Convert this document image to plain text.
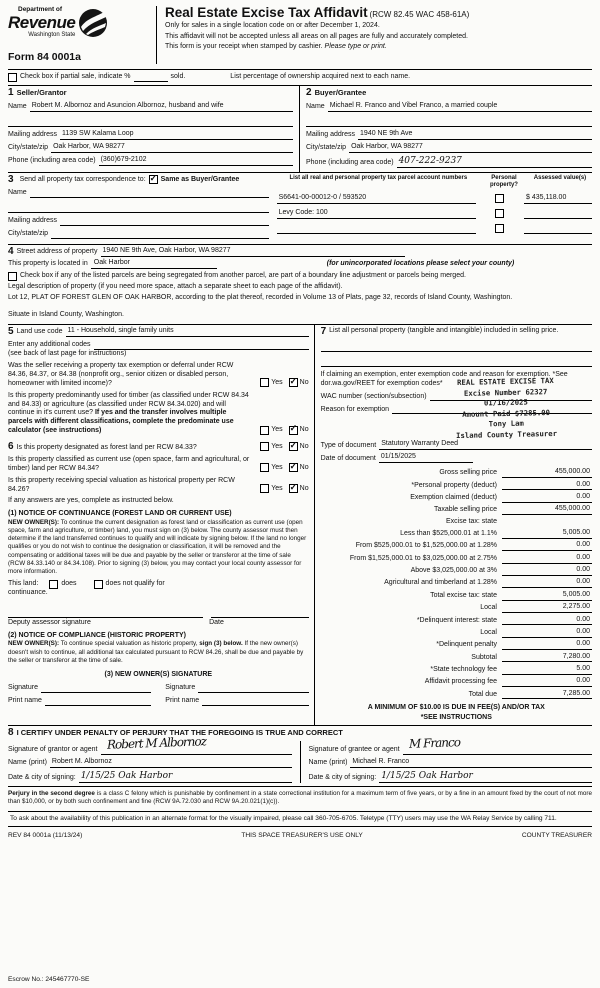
Department of
Revenue
Washington State
Form 84 0001a
Real Estate Excise Tax Affidavit (RCW 82.45 WAC 458-61A)
Only for sales in a single location code on or after December 1, 2024.
This affidavit will not be accepted unless all areas on all pages are fully and accurately completed.
This form is your receipt when stamped by cashier. Please type or print.
Check box if partial sale, indicate %	sold.	List percentage of ownership acquired next to each name.
1 Seller/Grantor
Name Robert M. Albornoz and Asuncion Albornoz, husband and wife
Mailing address 1139 SW Kalama Loop
City/state/zip Oak Harbor, WA 98277
Phone (including area code) (360)679-2102
2 Buyer/Grantee
Name Michael R. Franco and Vibel Franco, a married couple
Mailing address 1940 NE 9th Ave
City/state/zip Oak Harbor, WA 98277
Phone (including area code) 407-222-9237
3 Send all property tax correspondence to: ✓ Same as Buyer/Grantee
Name
Mailing address
City/state/zip
List all real and personal property tax parcel account numbers	Personal property?
Assessed value(s)
S6641-00-00012-0 / 593520	$ 435,118.00
Levy Code: 100
4 Street address of property 1940 NE 9th Ave, Oak Harbor, WA 98277
This property is located in Oak Harbor	(for unincorporated locations please select your county)
Check box if any of the listed parcels are being segregated from another parcel, are part of a boundary line adjustment or parcels being merged.
Legal description of property (if you need more space, attach a separate sheet to each page of the affidavit).
Lot 12, PLAT OF FOREST GLEN OF OAK HARBOR, according to the plat thereof, recorded in Volume 13 of Plats, page 32, records of Island County, Washington.
Situate in Island County, Washington.
5 Land use code 11 - Household, single family units
Enter any additional codes
(see back of last page for instructions)
Was the seller receiving a property tax exemption or deferral under RCW 84.36, 84.37, or 84.38 (nonprofit org., senior citizen or disabled person, homeowner with limited income)?	Yes ✓ No
Is this property predominantly used for timber (as classified under RCW 84.34 and 84.33) or agriculture (as classified under RCW 84.34.020) and will continue in it's current use? If yes and the transfer involves multiple parcels with different classifications, complete the predominate use calculator (see instructions)	Yes ✓ No
6 Is this property designated as forest land per RCW 84.33?	Yes ✓ No
Is this property classified as current use (open space, farm and agricultural, or timber) land per RCW 84.34?	Yes ✓ No
Is this property receiving special valuation as historical property per RCW 84.26?	Yes ✓ No
If any answers are yes, complete as instructed below.
(1) NOTICE OF CONTINUANCE (FOREST LAND OR CURRENT USE)
NEW OWNER(S): To continue the current designation as forest land or classification as current use (open space, farm and agriculture, or timber) land, you must sign on (3) below. The county assessor must then determine if the land transferred continues to qualify and will indicate by signing below. If the land no longer qualifies or you do not wish to continue the designation or classification, it will be removed and the compensating or additional taxes will be due and payable by the seller or transferor at the time of sale (RCW 84.33.140 or 84.34.108). Prior to signing (3) below, you may contact your local county assessor for more information.
This land:	does	does not qualify for
continuance.
Deputy assessor signature	Date
(2) NOTICE OF COMPLIANCE (HISTORIC PROPERTY)
NEW OWNER(S): To continue special valuation as historic property, sign (3) below. If the new owner(s) doesn't wish to continue, all additional tax calculated pursuant to RCW 84.26, shall be due and payable by the seller or transferor at the time of sale.
(3) NEW OWNER(S) SIGNATURE
Signature
Print name
Signature
Print name
7 List all personal property (tangible and intangible) included in selling price.
If claiming an exemption, enter exemption code and reason for exemption. *See dor.wa.gov/REET for exemption codes*
WAC number (section/subsection)
Reason for exemption
REAL ESTATE EXCISE TAX
Excise Number 62327
01/16/2025
Amount Paid $7285.00
Tony Lam
Island County Treasurer
Type of document Statutory Warranty Deed
Date of document 01/15/2025
Gross selling price	455,000.00
*Personal property (deduct)	0.00
Exemption claimed (deduct)	0.00
Taxable selling price	455,000.00
Excise tax: state
Less than $525,000.01 at 1.1%	5,005.00
From $525,000.01 to $1,525,000.00 at 1.28%	0.00
From $1,525,000.01 to $3,025,000.00 at 2.75%	0.00
Above $3,025,000.00 at 3%	0.00
Agricultural and timberland at 1.28%	0.00
Total excise tax: state	5,005.00
Local	2,275.00
*Delinquent interest: state	0.00
Local	0.00
*Delinquent penalty	0.00
Subtotal	7,280.00
*State technology fee	5.00
Affidavit processing fee	0.00
Total due	7,285.00
A MINIMUM OF $10.00 IS DUE IN FEE(S) AND/OR TAX
*SEE INSTRUCTIONS
8 I CERTIFY UNDER PENALTY OF PERJURY THAT THE FOREGOING IS TRUE AND CORRECT
Signature of grantor or agent Robert M Albornoz
Name (print) Robert M. Albornoz
Date & city of signing: 1/15/25 Oak Harbor
Signature of grantee or agent M Franco
Name (print) Michael R. Franco
Date & city of signing: 1/15/25 Oak Harbor
Perjury in the second degree is a class C felony which is punishable by confinement in a state correctional institution for a maximum term of five years, or by a fine in an amount fixed by the court of not more than $10,000, or by both such confinement and fine (RCW 9A.72.030 and RCW 9A.20.021(1)(c)).
To ask about the availability of this publication in an alternate format for the visually impaired, please call 360-705-6705. Teletype (TTY) users may use the WA Relay Service by calling 711.
REV 84 0001a (11/13/24)	THIS SPACE TREASURER'S USE ONLY	COUNTY TREASURER
Escrow No.: 245467770-SE
